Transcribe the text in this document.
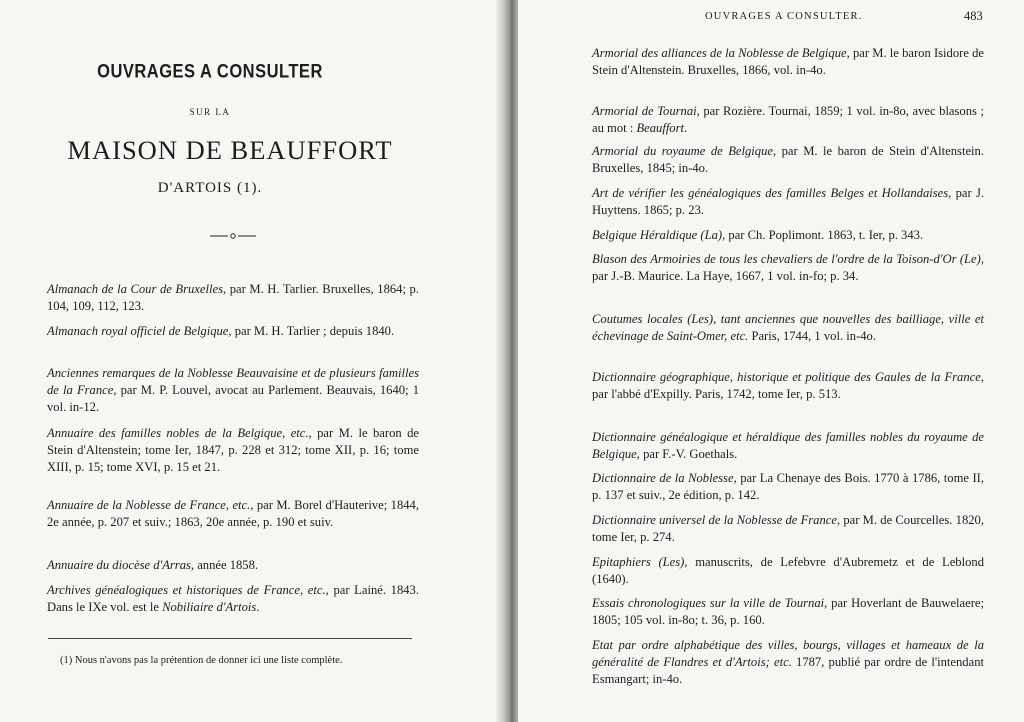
OUVRAGES A CONSULTER
SUR LA
MAISON DE BEAUFFORT
D'ARTOIS (1).

Almanach de la Cour de Bruxelles, par M. H. Tarlier. Bruxelles, 1864; p. 104, 109, 112, 123.

Almanach royal officiel de Belgique, par M. H. Tarlier ; depuis 1840.

Anciennes remarques de la Noblesse Beauvaisine et de plusieurs familles de la France, par M. P. Louvel, avocat au Parlement. Beauvais, 1640; 1 vol. in-12.

Annuaire des familles nobles de la Belgique, etc., par M. le baron de Stein d'Altenstein; tome Ier, 1847, p. 228 et 312; tome XII, p. 16; tome XIII, p. 15; tome XVI, p. 15 et 21.

Annuaire de la Noblesse de France, etc., par M. Borel d'Hauterive; 1844, 2e année, p. 207 et suiv.; 1863, 20e année, p. 190 et suiv.

Annuaire du diocèse d'Arras, année 1858.

Archives généalogiques et historiques de France, etc., par Lainé. 1843. Dans le IXe vol. est le Nobiliaire d'Artois.

(1) Nous n'avons pas la prétention de donner ici une liste complète.
OUVRAGES A CONSULTER.	483

Armorial des alliances de la Noblesse de Belgique, par M. le baron Isidore de Stein d'Altenstein. Bruxelles, 1866, vol. in-4o.

Armorial de Tournai, par Rozière. Tournai, 1859; 1 vol. in-8o, avec blasons ; au mot : Beauffort.

Armorial du royaume de Belgique, par M. le baron de Stein d'Altenstein. Bruxelles, 1845; in-4o.

Art de vérifier les généalogiques des familles Belges et Hollandaises, par J. Huyttens. 1865; p. 23.

Belgique Héraldique (La), par Ch. Poplimont. 1863, t. Ier, p. 343.

Blason des Armoiries de tous les chevaliers de l'ordre de la Toison-d'Or (Le), par J.-B. Maurice. La Haye, 1667, 1 vol. in-fo; p. 34.

Coutumes locales (Les), tant anciennes que nouvelles des bailliage, ville et échevinage de Saint-Omer, etc. Paris, 1744, 1 vol. in-4o.

Dictionnaire géographique, historique et politique des Gaules de la France, par l'abbé d'Expilly. Paris, 1742, tome Ier, p. 513.

Dictionnaire généalogique et héraldique des familles nobles du royaume de Belgique, par F.-V. Goethals.

Dictionnaire de la Noblesse, par La Chenaye des Bois. 1770 à 1786, tome II, p. 137 et suiv., 2e édition, p. 142.

Dictionnaire universel de la Noblesse de France, par M. de Courcelles. 1820, tome Ier, p. 274.

Epitaphiers (Les), manuscrits, de Lefebvre d'Aubremetz et de Leblond (1640).

Essais chronologiques sur la ville de Tournai, par Hoverlant de Bauwelaere; 1805; 105 vol. in-8o; t. 36, p. 160.

Etat par ordre alphabétique des villes, bourgs, villages et hameaux de la généralité de Flandres et d'Artois; etc. 1787, publié par ordre de l'intendant Esmangart; in-4o.
